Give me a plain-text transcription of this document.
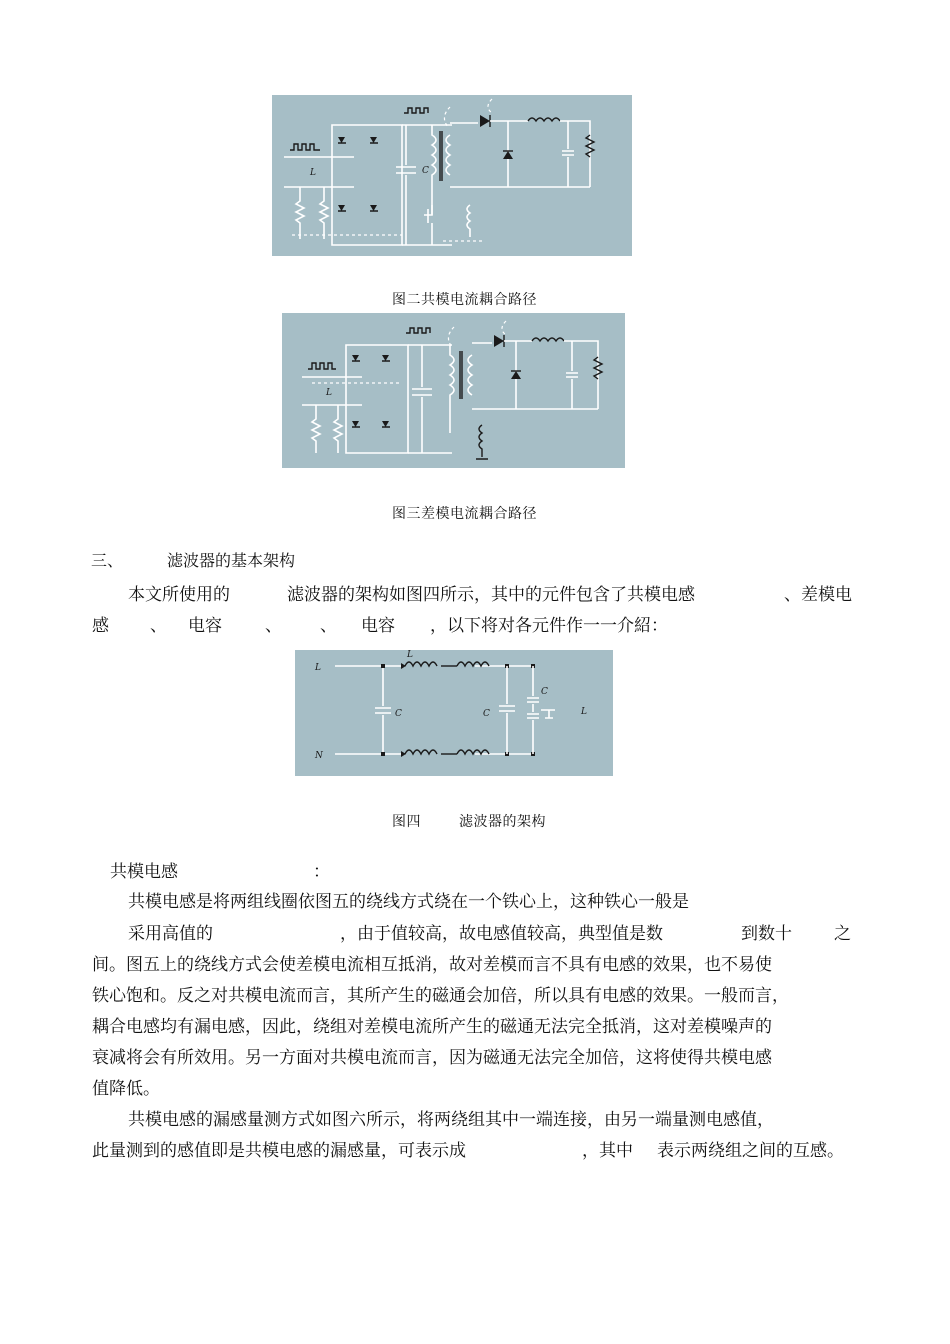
L	C
图二共模电流耦合路径
L
图三差模电流耦合路径
三、	滤波器的基本架构
本文所使用的	滤波器的架构如图四所示，其中的元件包含了共模电感	、差模电
感 、 电容	、 、 电容 ，以下将对各元件作一一介紹：
L
N
C	C
C
L
L
图四	滤波器的架构
共模电感	：
共模电感是将两组线圈依图五的绕线方式绕在一个铁心上，这种铁心一般是
采用高值的	，由于值较高，故电感值较高，典型值是数	到数十 之
间。图五上的绕线方式会使差模电流相互抵消，故对差模而言不具有电感的效果，也不易使
铁心饱和。反之对共模电流而言，其所产生的磁通会加倍，所以具有电感的效果。一般而言，
耦合电感均有漏电感，因此，绕组对差模电流所产生的磁通无法完全抵消，这对差模噪声的
衰减将会有所效用。另一方面对共模电流而言，因为磁通无法完全加倍，这将使得共模电感
值降低。
共模电感的漏感量测方式如图六所示，将两绕组其中一端连接，由另一端量测电感值，
此量测到的感值即是共模电感的漏感量，可表示成	，其中 表示两绕组之间的互感。
